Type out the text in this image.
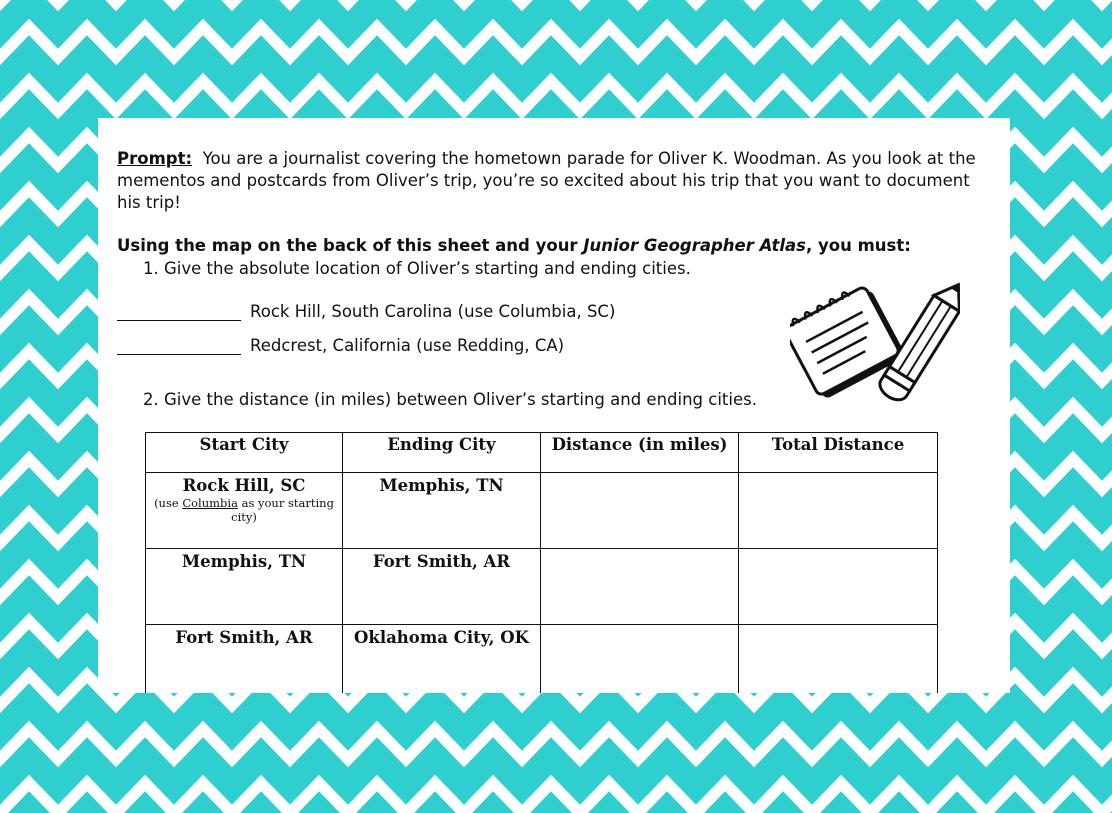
Prompt: You are a journalist covering the hometown parade for Oliver K. Woodman. As you look at the mementos and postcards from Oliver’s trip, you’re so excited about his trip that you want to document his trip!
Using the map on the back of this sheet and your Junior Geographer Atlas, you must:
1. Give the absolute location of Oliver’s starting and ending cities.
Rock Hill, South Carolina (use Columbia, SC)
Redcrest, California (use Redding, CA)
2. Give the distance (in miles) between Oliver’s starting and ending cities.
Start City	Ending City	Distance (in miles)	Total Distance
Rock Hill, SC
(use Columbia as your starting city)	Memphis, TN		
Memphis, TN	Fort Smith, AR		
Fort Smith, AR	Oklahoma City, OK		
